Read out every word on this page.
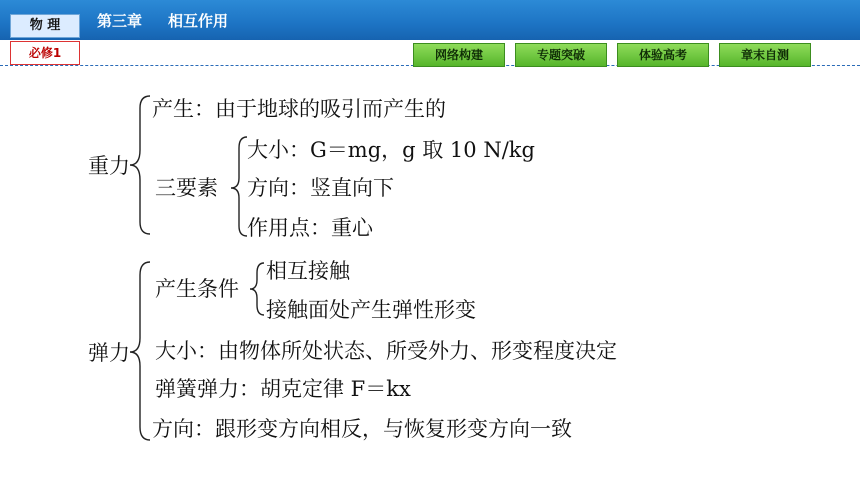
物 理	第三章 相互作用
必修1	网络构建	专题突破	体验高考	章末自测
重力
产生：由于地球的吸引而产生的
三要素
大小：G＝mg，g 取 10 N/kg
方向：竖直向下
作用点：重心
弹力
产生条件
相互接触
接触面处产生弹性形变
大小：由物体所处状态、所受外力、形变程度决定
弹簧弹力：胡克定律 F＝kx
方向：跟形变方向相反，与恢复形变方向一致
